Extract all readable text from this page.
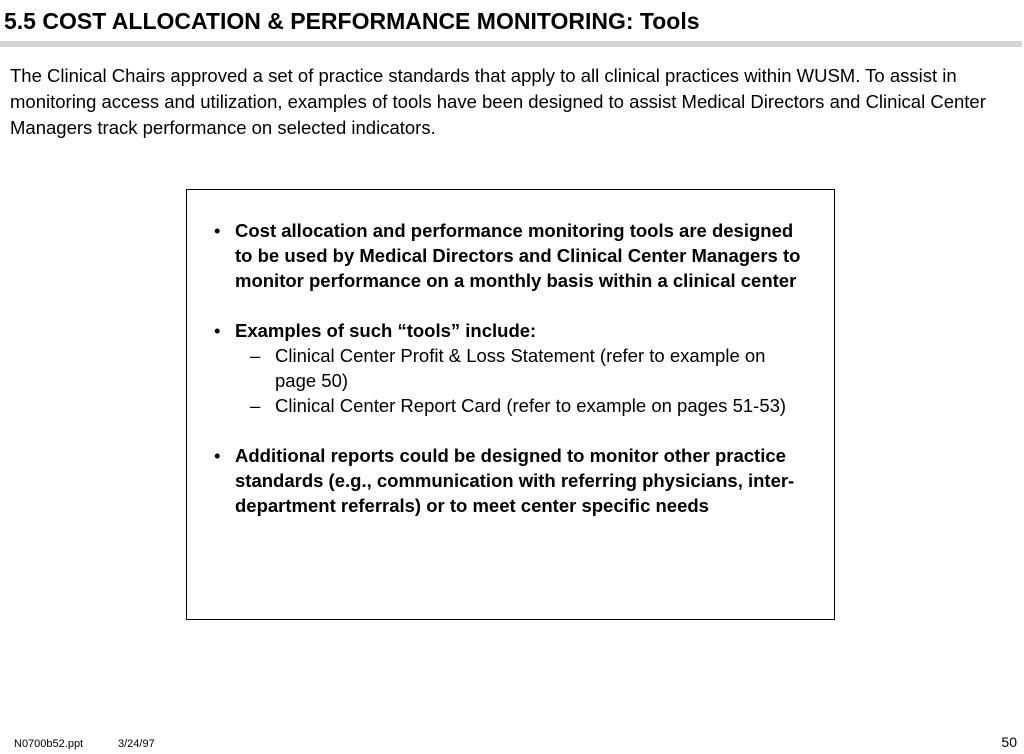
5.5 COST ALLOCATION & PERFORMANCE MONITORING: Tools

The Clinical Chairs approved a set of practice standards that apply to all clinical practices within WUSM. To assist in monitoring access and utilization, examples of tools have been designed to assist Medical Directors and Clinical Center Managers track performance on selected indicators.

• Cost allocation and performance monitoring tools are designed to be used by Medical Directors and Clinical Center Managers to monitor performance on a monthly basis within a clinical center
• Examples of such “tools” include:
– Clinical Center Profit & Loss Statement (refer to example on page 50)
– Clinical Center Report Card (refer to example on pages 51-53)
• Additional reports could be designed to monitor other practice standards (e.g., communication with referring physicians, inter-department referrals) or to meet center specific needs
N0700b52.ppt	3/24/97	50
